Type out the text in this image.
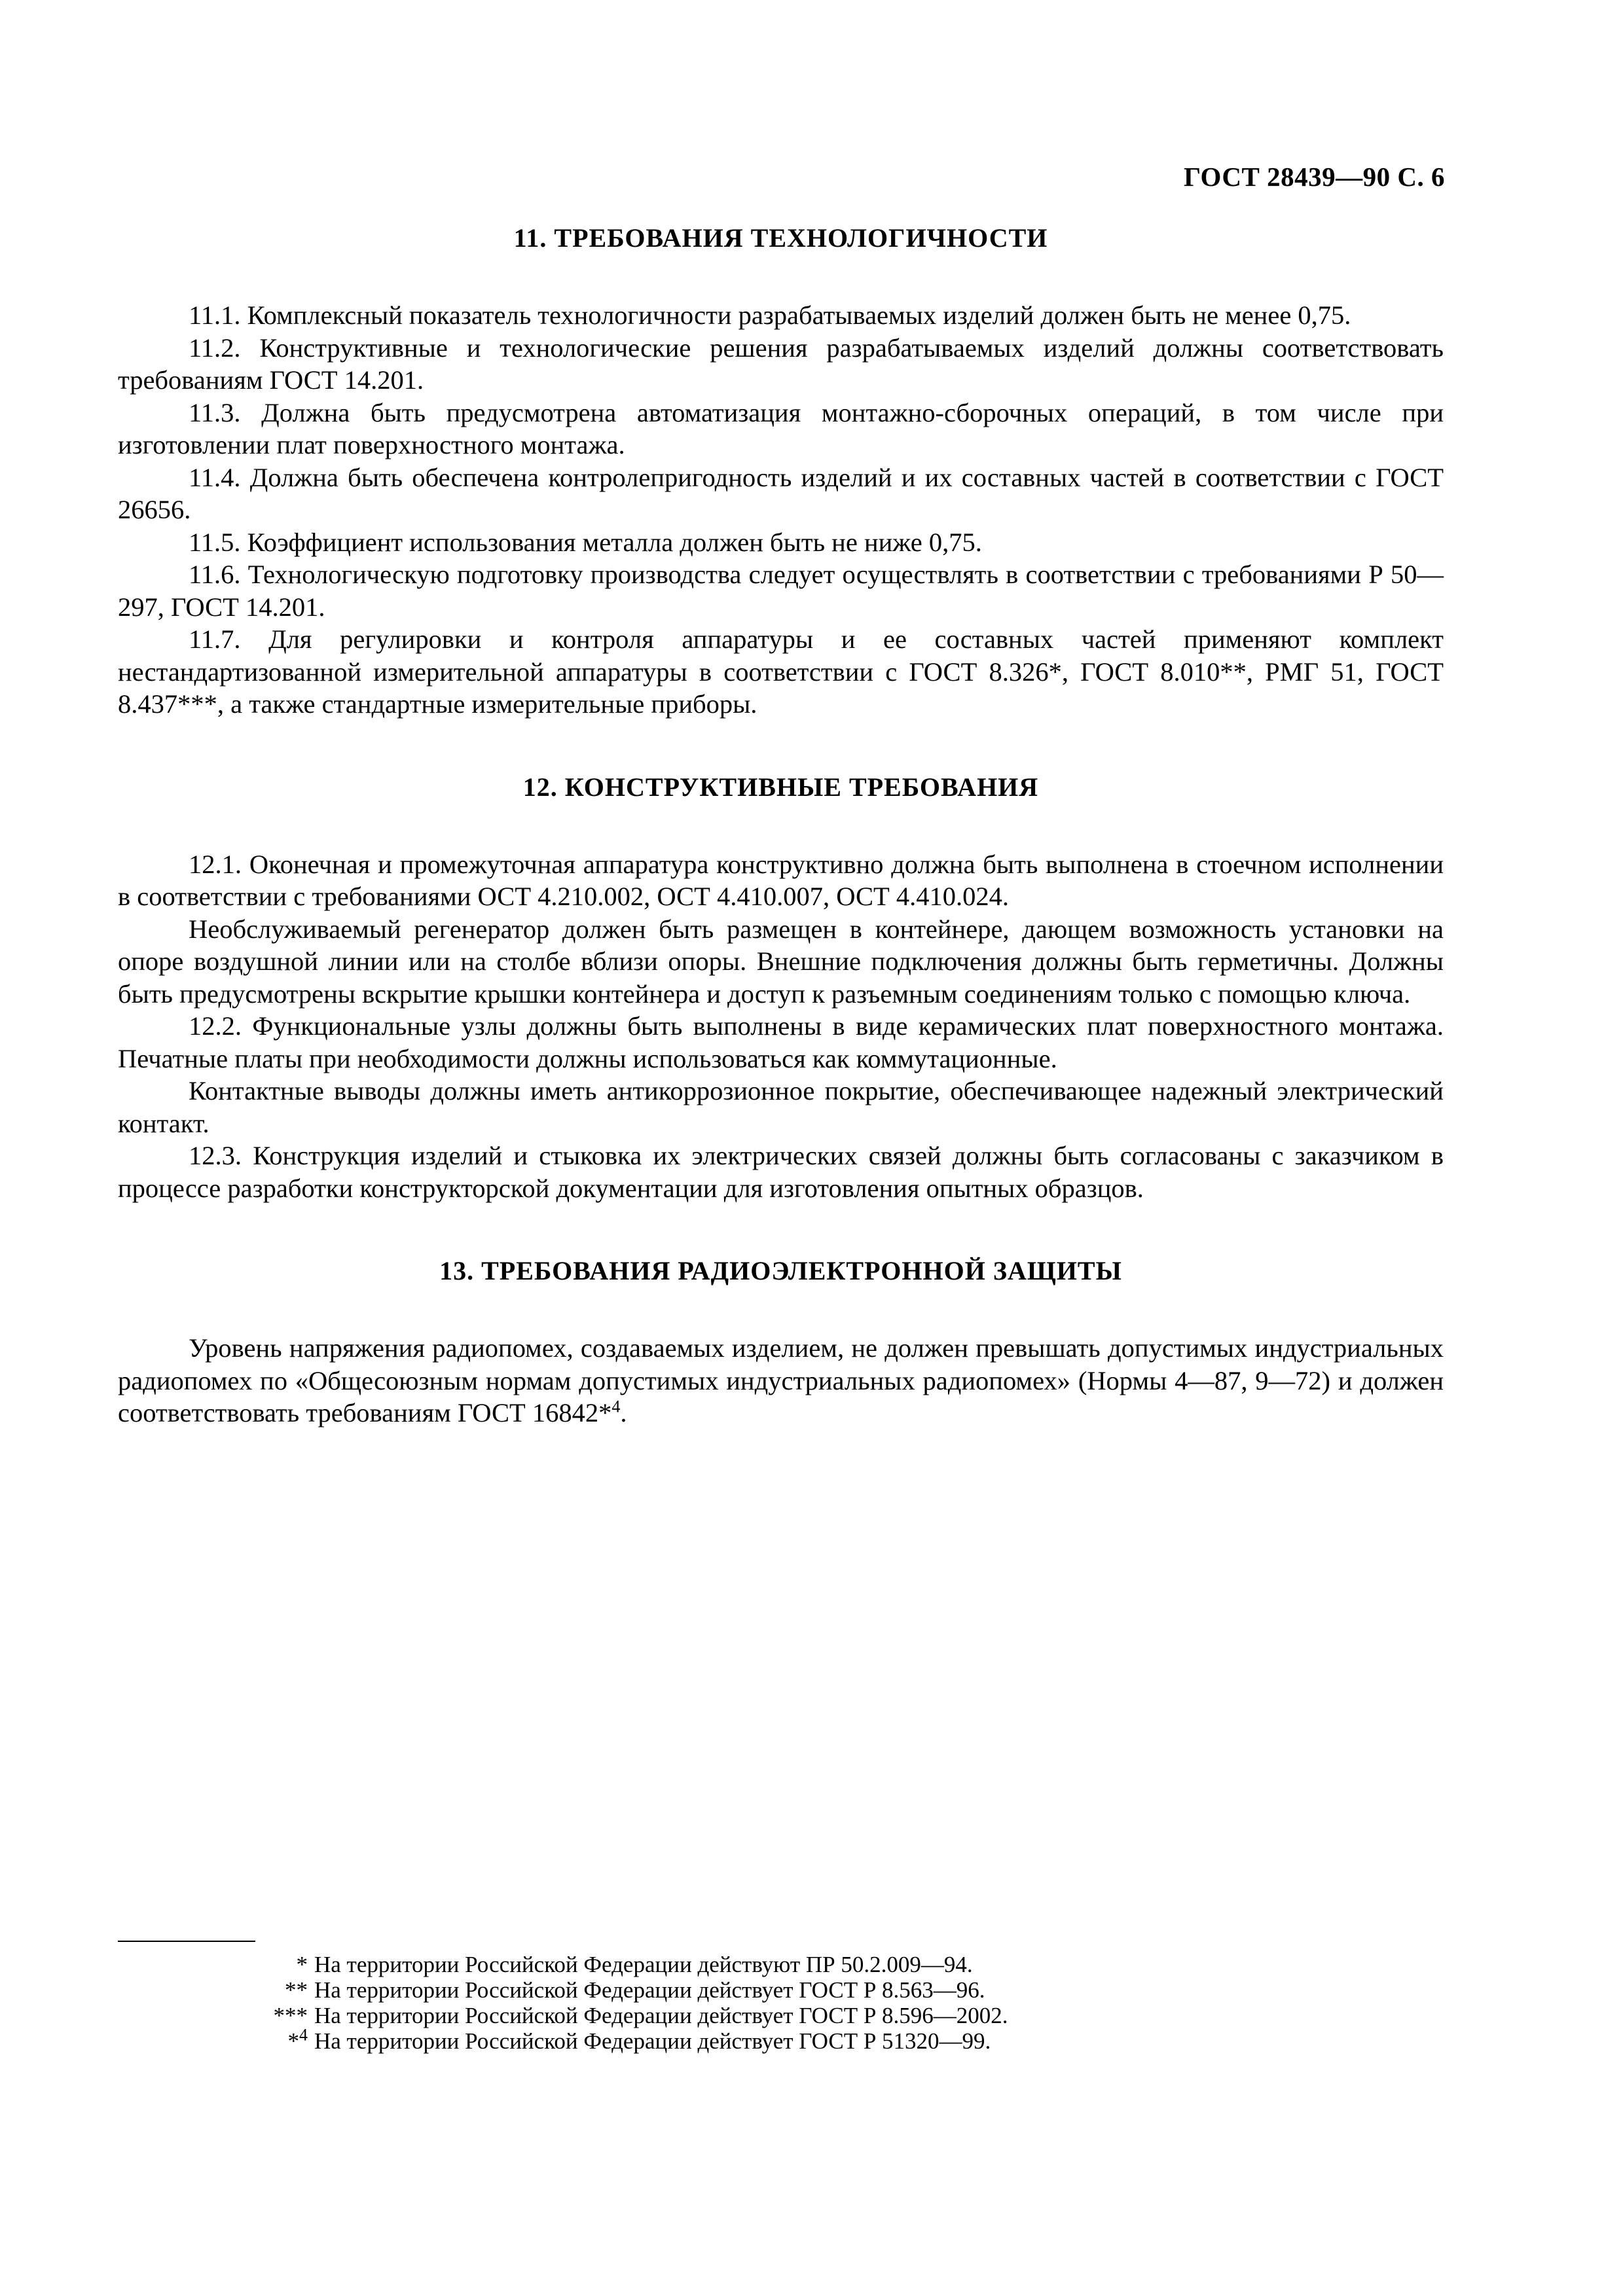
ГОСТ 28439—90 С. 6
11. ТРЕБОВАНИЯ ТЕХНОЛОГИЧНОСТИ

11.1. Комплексный показатель технологичности разрабатываемых изделий должен быть не менее 0,75.

11.2. Конструктивные и технологические решения разрабатываемых изделий должны соответствовать требованиям ГОСТ 14.201.

11.3. Должна быть предусмотрена автоматизация монтажно-сборочных операций, в том числе при изготовлении плат поверхностного монтажа.

11.4. Должна быть обеспечена контролепригодность изделий и их составных частей в соответствии с ГОСТ 26656.

11.5. Коэффициент использования металла должен быть не ниже 0,75.

11.6. Технологическую подготовку производства следует осуществлять в соответствии с требованиями Р 50—297, ГОСТ 14.201.

11.7. Для регулировки и контроля аппаратуры и ее составных частей применяют комплект нестандартизованной измерительной аппаратуры в соответствии с ГОСТ 8.326*, ГОСТ 8.010**, РМГ 51, ГОСТ 8.437***, а также стандартные измерительные приборы.

12. КОНСТРУКТИВНЫЕ ТРЕБОВАНИЯ

12.1. Оконечная и промежуточная аппаратура конструктивно должна быть выполнена в стоечном исполнении в соответствии с требованиями ОСТ 4.210.002, ОСТ 4.410.007, ОСТ 4.410.024.

Необслуживаемый регенератор должен быть размещен в контейнере, дающем возможность установки на опоре воздушной линии или на столбе вблизи опоры. Внешние подключения должны быть герметичны. Должны быть предусмотрены вскрытие крышки контейнера и доступ к разъемным соединениям только с помощью ключа.

12.2. Функциональные узлы должны быть выполнены в виде керамических плат поверхностного монтажа. Печатные платы при необходимости должны использоваться как коммутационные.

Контактные выводы должны иметь антикоррозионное покрытие, обеспечивающее надежный электрический контакт.

12.3. Конструкция изделий и стыковка их электрических связей должны быть согласованы с заказчиком в процессе разработки конструкторской документации для изготовления опытных образцов.

13. ТРЕБОВАНИЯ РАДИОЭЛЕКТРОННОЙ ЗАЩИТЫ

Уровень напряжения радиопомех, создаваемых изделием, не должен превышать допустимых индустриальных радиопомех по «Общесоюзным нормам допустимых индустриальных радиопомех» (Нормы 4—87, 9—72) и должен соответствовать требованиям ГОСТ 16842*$^4$.

* На территории Российской Федерации действуют ПР 50.2.009—94.
** На территории Российской Федерации действует ГОСТ Р 8.563—96.
*** На территории Российской Федерации действует ГОСТ Р 8.596—2002.
*$^4$ На территории Российской Федерации действует ГОСТ Р 51320—99.
